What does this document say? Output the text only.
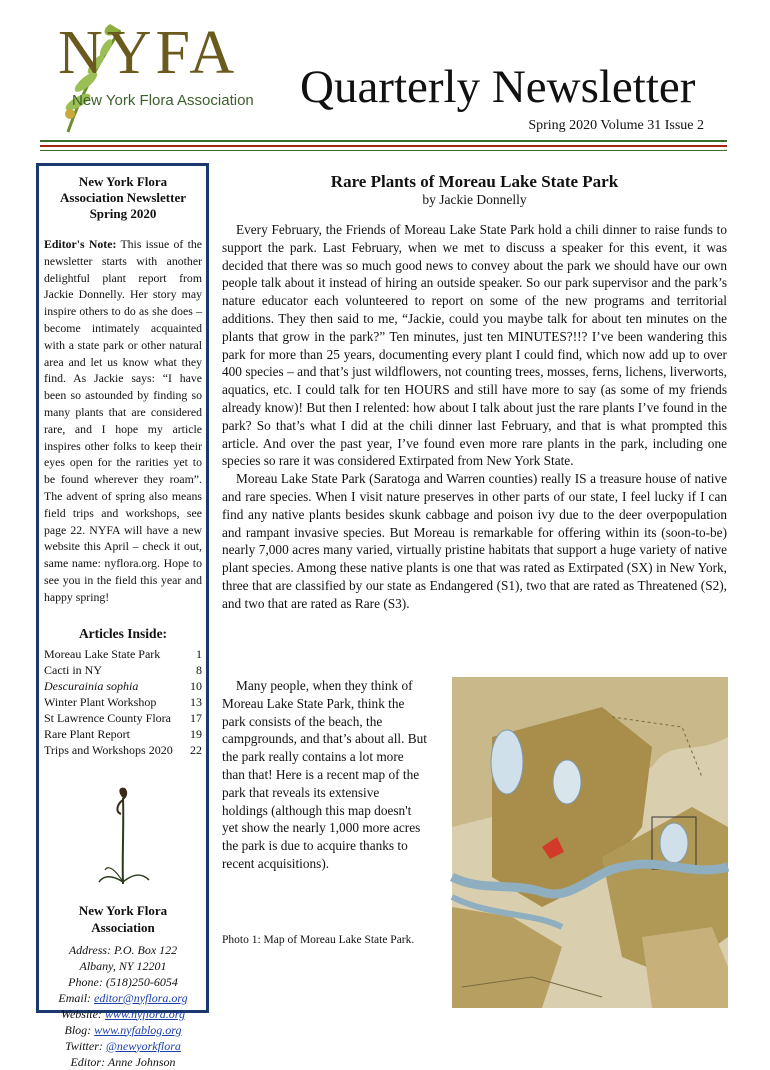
NYFA
New York Flora Association Quarterly Newsletter
Spring 2020 Volume 31 Issue 2
New York Flora
Association Newsletter
Spring 2020
Editor's Note: This issue of the newsletter starts with another delightful plant report from Jackie Donnelly. Her story may inspire others to do as she does – become intimately acquainted with a state park or other natural area and let us know what they find. As Jackie says: “I have been so astounded by finding so many plants that are considered rare, and I hope my article inspires other folks to keep their eyes open for the rarities yet to be found wherever they roam”. The advent of spring also means field trips and workshops, see page 22. NYFA will have a new website this April – check it out, same name: nyflora.org. Hope to see you in the field this year and happy spring!
Articles Inside:
Moreau Lake State Park	1
Cacti in NY	8
Descurainia sophia	10
Winter Plant Workshop	13
St Lawrence County Flora 17
Rare Plant Report	19
Trips and Workshops 2020 22
New York Flora
Association
Address: P.O. Box 122
Albany, NY 12201
Phone: (518)250-6054
Email: editor@nyflora.org
Website: www.nyflora.org
Blog: www.nyfablog.org
Twitter: @newyorkflora
Editor: Anne Johnson
Rare Plants of Moreau Lake State Park
by Jackie Donnelly

Every February, the Friends of Moreau Lake State Park hold a chili dinner to raise funds to support the park. Last February, when we met to discuss a speaker for this event, it was decided that there was so much good news to convey about the park we should have our own people talk about it instead of hiring an outside speaker. So our park supervisor and the park’s nature educator each volunteered to report on some of the new programs and territorial additions. They then said to me, “Jackie, could you maybe talk for about ten minutes on the plants that grow in the park?” Ten minutes, just ten MINUTES?!!? I’ve been wandering this park for more than 25 years, documenting every plant I could find, which now add up to over 400 species – and that’s just wildflowers, not counting trees, mosses, ferns, lichens, liverworts, aquatics, etc. I could talk for ten HOURS and still have more to say (as some of my friends already know)! But then I relented: how about I talk about just the rare plants I’ve found in the park? So that’s what I did at the chili dinner last February, and that is what prompted this article. And over the past year, I’ve found even more rare plants in the park, including one species so rare it was considered Extirpated from New York State.

Moreau Lake State Park (Saratoga and Warren counties) really IS a treasure house of native and rare species. When I visit nature preserves in other parts of our state, I feel lucky if I can find any native plants besides skunk cabbage and poison ivy due to the deer overpopulation and rampant invasive species. But Moreau is remarkable for offering within its (soon-to-be) nearly 7,000 acres many varied, virtually pristine habitats that support a huge variety of native plant species. Among these native plants is one that was rated as Extirpated (SX) in New York, three that are classified by our state as Endangered (S1), two that are rated as Threatened (S2), and two that are rated as Rare (S3).

Many people, when they think of Moreau Lake State Park, think the park consists of the beach, the campgrounds, and that’s about all. But the park really contains a lot more than that! Here is a recent map of the park that reveals its extensive holdings (although this map doesn't yet show the nearly 1,000 more acres the park is due to acquire thanks to recent acquisitions).

Photo 1: Map of Moreau Lake State Park.
